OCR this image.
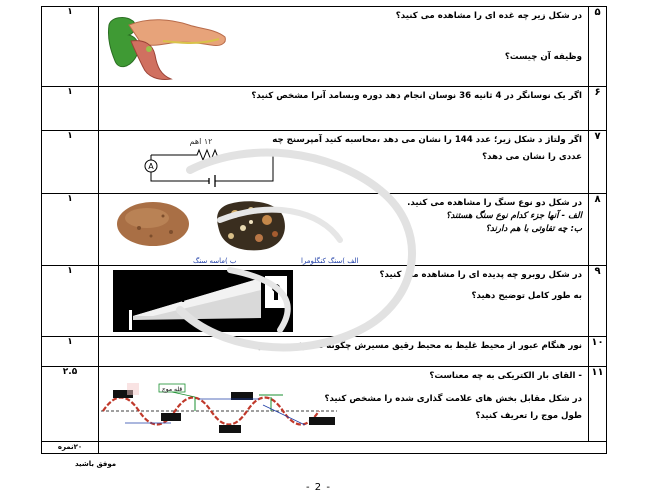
۵	در شکل زیر چه غده ای را مشاهده می کنید؟
وظیفه آن چیست؟	۱
۶	اگر یک نوسانگر در 4 ثانیه 36 نوسان انجام دهد دوره وبسامد آنرا مشخص کنید؟	۱
۷	اگر ولتاژ د شکل زیر؛ عدد 144 را نشان می دهد ،محاسبه کنید آمپرسنج چه
عددی را نشان می دهد؟
۱۲ اهم
A	۱
۸	در شکل دو نوع سنگ را مشاهده می کنید.
الف - آنها جزء کدام نوع سنگ هستند؟
ب: چه تفاوتی با هم دارند؟
الف )سنگ کنگلومرا
ب )ماسه سنگ	۱
۹	در شکل روبرو چه پدیده ای را مشاهده می کنید؟
به طور کامل توضیح دهید؟
?	۱
۱۰	نور هنگام عبور از محیط غلیظ به محیط رقیق مسیرش چگونه منحرف می شود؟	۱
۱۱	- القای بار الکتریکی به چه معناست؟
در شکل مقابل بخش های علامت گذاری شده را مشخص کنید؟
طول موج را تعریف کنید؟
قله موج	۲.۵
		۲۰نمره
موفق باشید
- 2 -
